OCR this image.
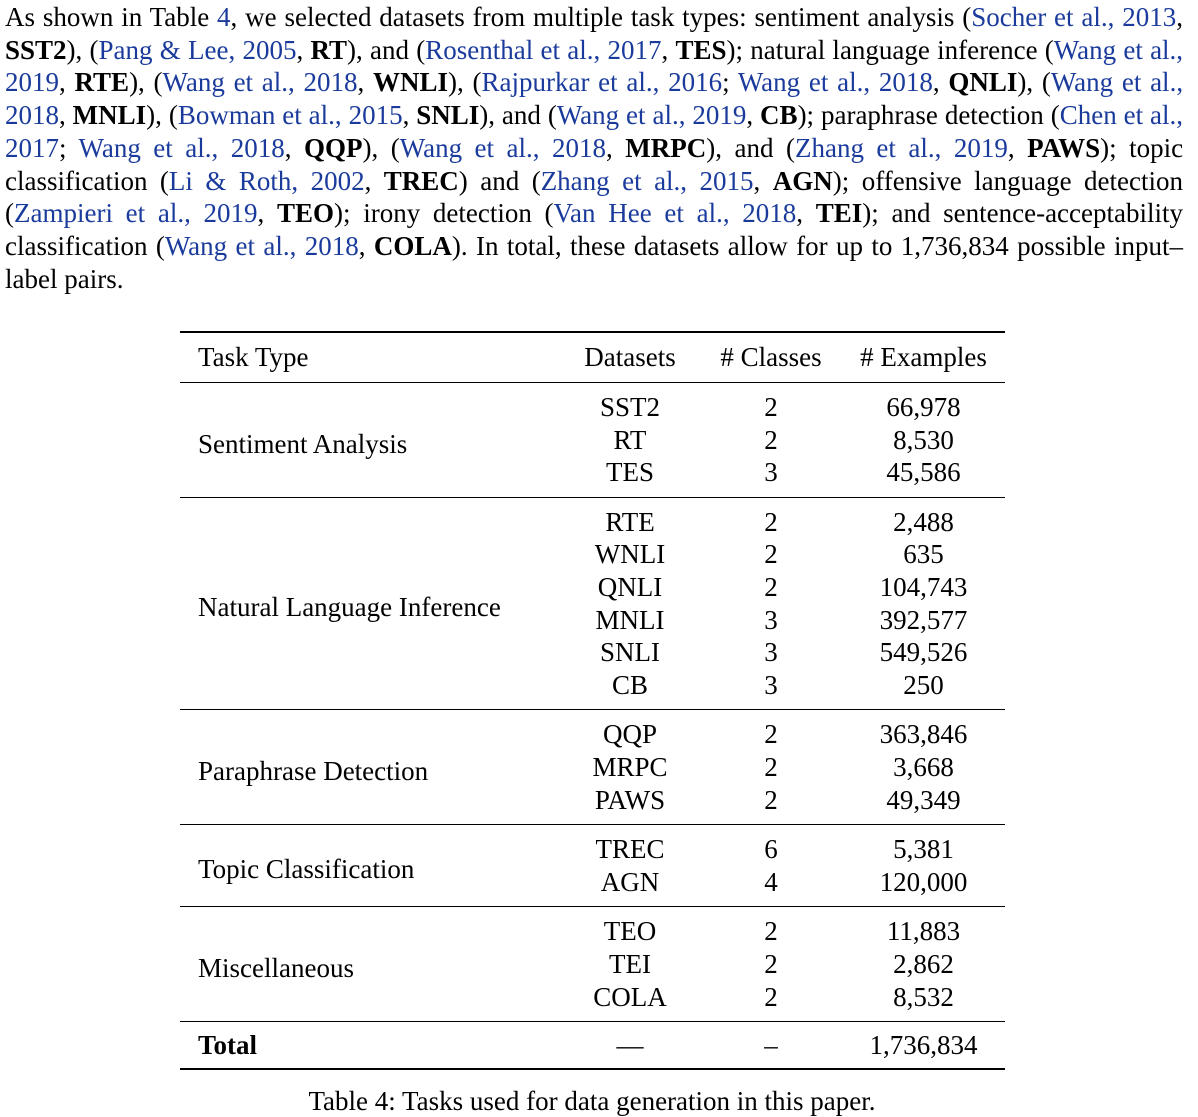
As shown in Table 4, we selected datasets from multiple task types: sentiment analysis (Socher et al., 2013, SST2), (Pang & Lee, 2005, RT), and (Rosenthal et al., 2017, TES); natural language inference (Wang et al., 2019, RTE), (Wang et al., 2018, WNLI), (Rajpurkar et al., 2016; Wang et al., 2018, QNLI), (Wang et al., 2018, MNLI), (Bowman et al., 2015, SNLI), and (Wang et al., 2019, CB); paraphrase detection (Chen et al., 2017; Wang et al., 2018, QQP), (Wang et al., 2018, MRPC), and (Zhang et al., 2019, PAWS); topic classification (Li & Roth, 2002, TREC) and (Zhang et al., 2015, AGN); offensive language detection (Zampieri et al., 2019, TEO); irony detection (Van Hee et al., 2018, TEI); and sentence-acceptability classification (Wang et al., 2018, COLA). In total, these datasets allow for up to 1,736,834 possible input–label pairs.
Task Type	Datasets	# Classes	# Examples
Sentiment Analysis	SST2	2	66,978
	RT	2	8,530
	TES	3	45,586
Natural Language Inference	RTE	2	2,488
	WNLI	2	635
	QNLI	2	104,743
	MNLI	3	392,577
	SNLI	3	549,526
	CB	3	250
Paraphrase Detection	QQP	2	363,846
	MRPC	2	3,668
	PAWS	2	49,349
Topic Classification	TREC	6	5,381
	AGN	4	120,000
Miscellaneous	TEO	2	11,883
	TEI	2	2,862
	COLA	2	8,532
Total	—	–	1,736,834
Table 4: Tasks used for data generation in this paper.
